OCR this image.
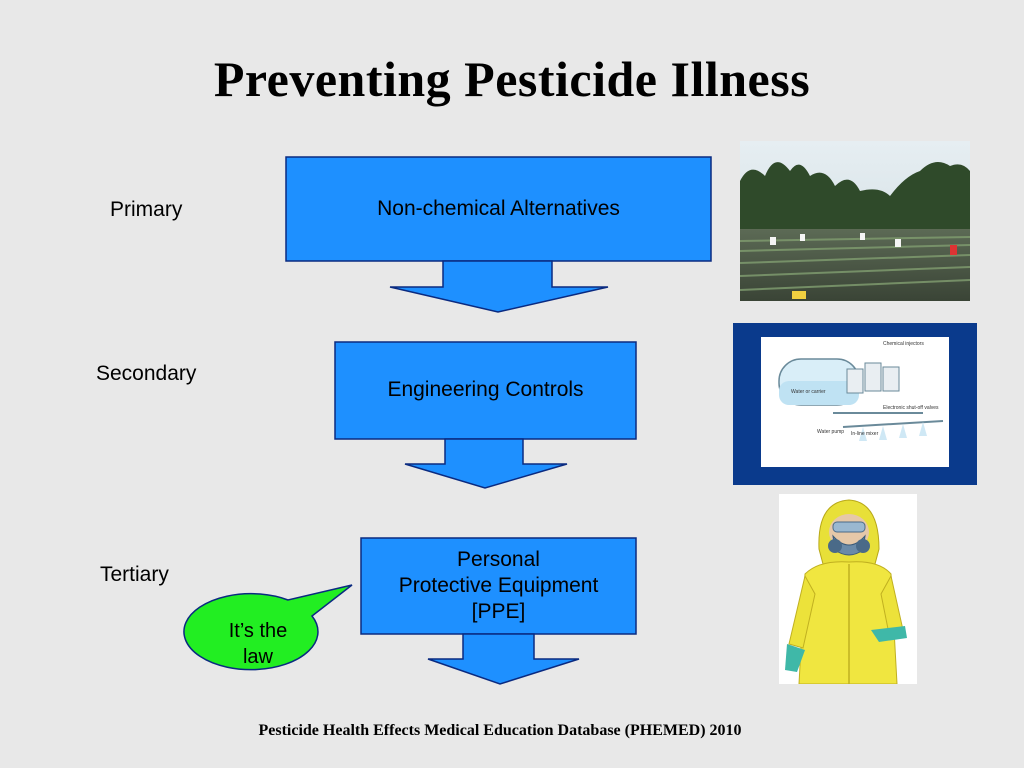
Preventing Pesticide Illness
Primary
Secondary
Tertiary
Non-chemical Alternatives
Engineering Controls
Personal
Protective Equipment
[PPE]
It’s the
law
Chemical injectors
Water or carrier
Electronic shut-off valves
In-line mixer
Water pump
Pesticide Health Effects Medical Education Database (PHEMED) 2010
